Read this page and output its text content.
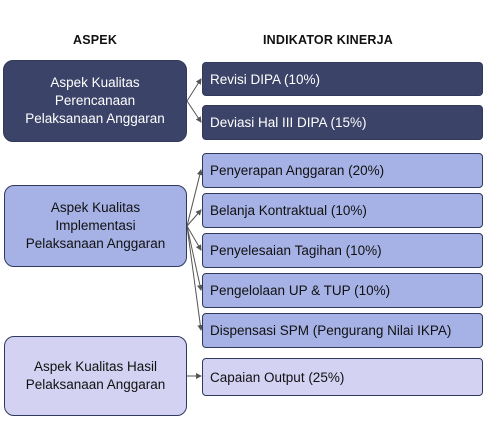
ASPEK	INDIKATOR KINERJA
Aspek Kualitas
Perencanaan
Pelaksanaan Anggaran
Aspek Kualitas
Implementasi
Pelaksanaan Anggaran
Aspek Kualitas Hasil
Pelaksanaan Anggaran
Revisi DIPA (10%)
Deviasi Hal III DIPA (15%)
Penyerapan Anggaran (20%)
Belanja Kontraktual (10%)
Penyelesaian Tagihan (10%)
Pengelolaan UP & TUP (10%)
Dispensasi SPM (Pengurang Nilai IKPA)
Capaian Output (25%)
